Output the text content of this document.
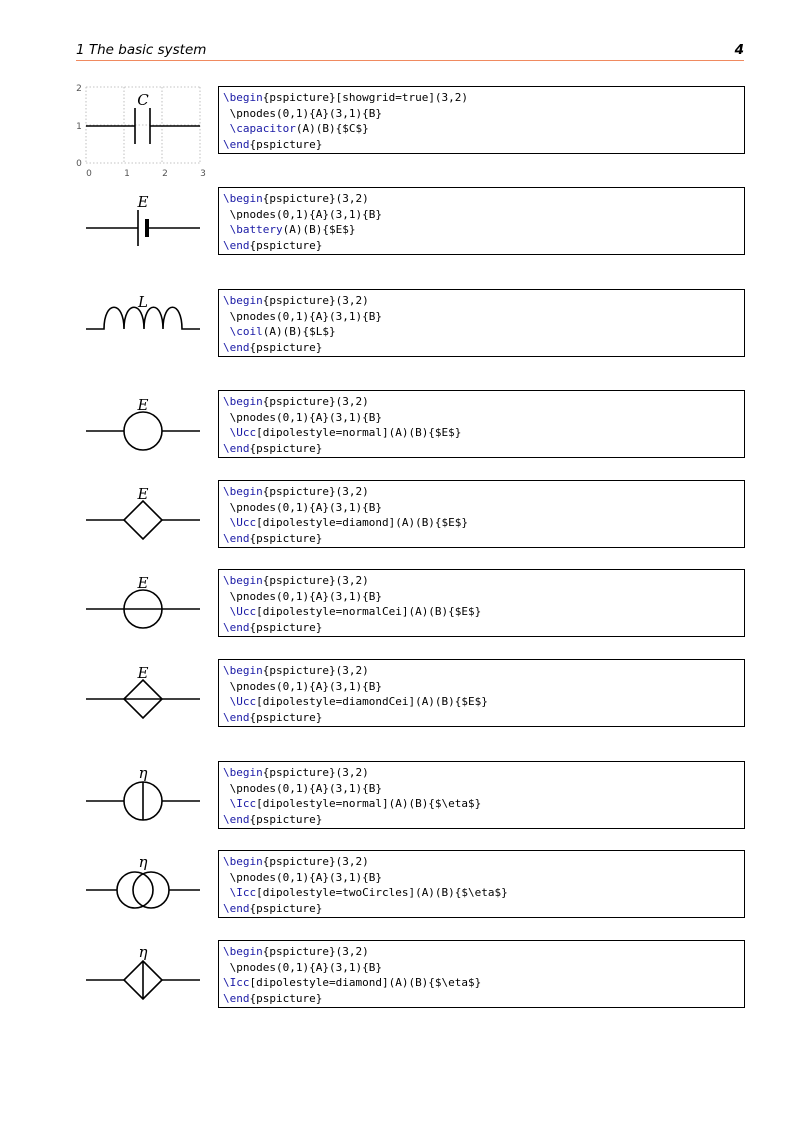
1 The basic system	4
0	1	2	3
0
1
2
C	\begin{pspicture}[showgrid=true](3,2)
\pnodes(0,1){A}(3,1){B}
\capacitor(A)(B){$C$}
\end{pspicture}
E	\begin{pspicture}(3,2)
\pnodes(0,1){A}(3,1){B}
\battery(A)(B){$E$}
\end{pspicture}
L	\begin{pspicture}(3,2)
\pnodes(0,1){A}(3,1){B}
\coil(A)(B){$L$}
\end{pspicture}
E	\begin{pspicture}(3,2)
\pnodes(0,1){A}(3,1){B}
\Ucc[dipolestyle=normal](A)(B){$E$}
\end{pspicture}
E	\begin{pspicture}(3,2)
\pnodes(0,1){A}(3,1){B}
\Ucc[dipolestyle=diamond](A)(B){$E$}
\end{pspicture}
E	\begin{pspicture}(3,2)
\pnodes(0,1){A}(3,1){B}
\Ucc[dipolestyle=normalCei](A)(B){$E$}
\end{pspicture}
E	\begin{pspicture}(3,2)
\pnodes(0,1){A}(3,1){B}
\Ucc[dipolestyle=diamondCei](A)(B){$E$}
\end{pspicture}
η	\begin{pspicture}(3,2)
\pnodes(0,1){A}(3,1){B}
\Icc[dipolestyle=normal](A)(B){$\eta$}
\end{pspicture}
η	\begin{pspicture}(3,2)
\pnodes(0,1){A}(3,1){B}
\Icc[dipolestyle=twoCircles](A)(B){$\eta$}
\end{pspicture}
η	\begin{pspicture}(3,2)
\pnodes(0,1){A}(3,1){B}
\Icc[dipolestyle=diamond](A)(B){$\eta$}
\end{pspicture}
